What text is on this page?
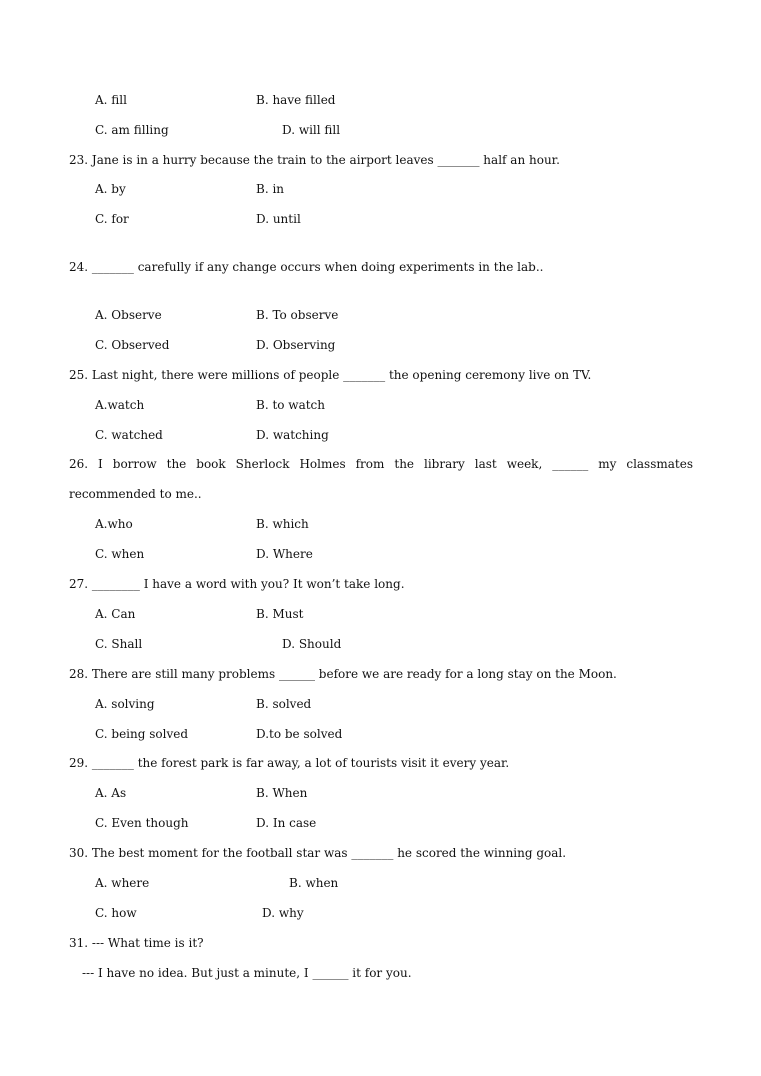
A. fill	B. have filled
C. am filling	D. will fill
23. Jane is in a hurry because the train to the airport leaves _______ half an hour.
A. by	B. in
C. for	D. until
24. _______ carefully if any change occurs when doing experiments in the lab..
A. Observe	B. To observe
C. Observed	D. Observing
25. Last night, there were millions of people _______ the opening ceremony live on TV.
A.watch	B. to watch
C. watched	D. watching
26.  I  borrow  the  book  Sherlock  Holmes  from  the  library  last  week,  ______  my  classmates
recommended to me..
A.who	B. which
C. when	D. Where
27. ________ I have a word with you? It won’t take long.
A. Can	B. Must
C. Shall	D. Should
28. There are still many problems ______ before we are ready for a long stay on the Moon.
A. solving	B. solved
C. being solved	D.to be solved
29. _______ the forest park is far away, a lot of tourists visit it every year.
A. As	B. When
C. Even though	D. In case
30. The best moment for the football star was _______ he scored the winning goal.
A. where	B. when
C. how	D. why
31. --- What time is it?
--- I have no idea. But just a minute, I ______ it for you.
